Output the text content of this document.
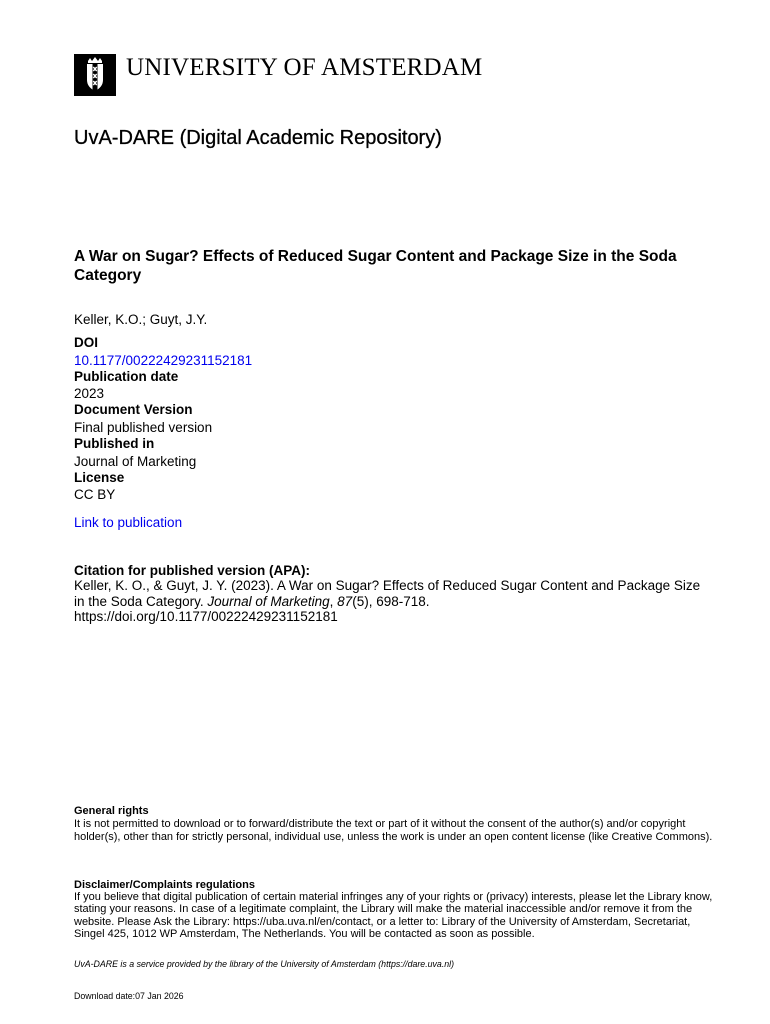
UNIVERSITY OF AMSTERDAM
UvA-DARE (Digital Academic Repository)
A War on Sugar? Effects of Reduced Sugar Content and Package Size in the Soda Category
Keller, K.O.; Guyt, J.Y.
DOI
10.1177/00222429231152181
Publication date
2023
Document Version
Final published version
Published in
Journal of Marketing
License
CC BY
Link to publication
Citation for published version (APA):
Keller, K. O., & Guyt, J. Y. (2023). A War on Sugar? Effects of Reduced Sugar Content and Package Size in the Soda Category. Journal of Marketing, 87(5), 698-718.
https://doi.org/10.1177/00222429231152181
General rights
It is not permitted to download or to forward/distribute the text or part of it without the consent of the author(s) and/or copyright holder(s), other than for strictly personal, individual use, unless the work is under an open content license (like Creative Commons).
Disclaimer/Complaints regulations
If you believe that digital publication of certain material infringes any of your rights or (privacy) interests, please let the Library know, stating your reasons. In case of a legitimate complaint, the Library will make the material inaccessible and/or remove it from the website. Please Ask the Library: https://uba.uva.nl/en/contact, or a letter to: Library of the University of Amsterdam, Secretariat, Singel 425, 1012 WP Amsterdam, The Netherlands. You will be contacted as soon as possible.
UvA-DARE is a service provided by the library of the University of Amsterdam (https://dare.uva.nl)
Download date:07 Jan 2026
